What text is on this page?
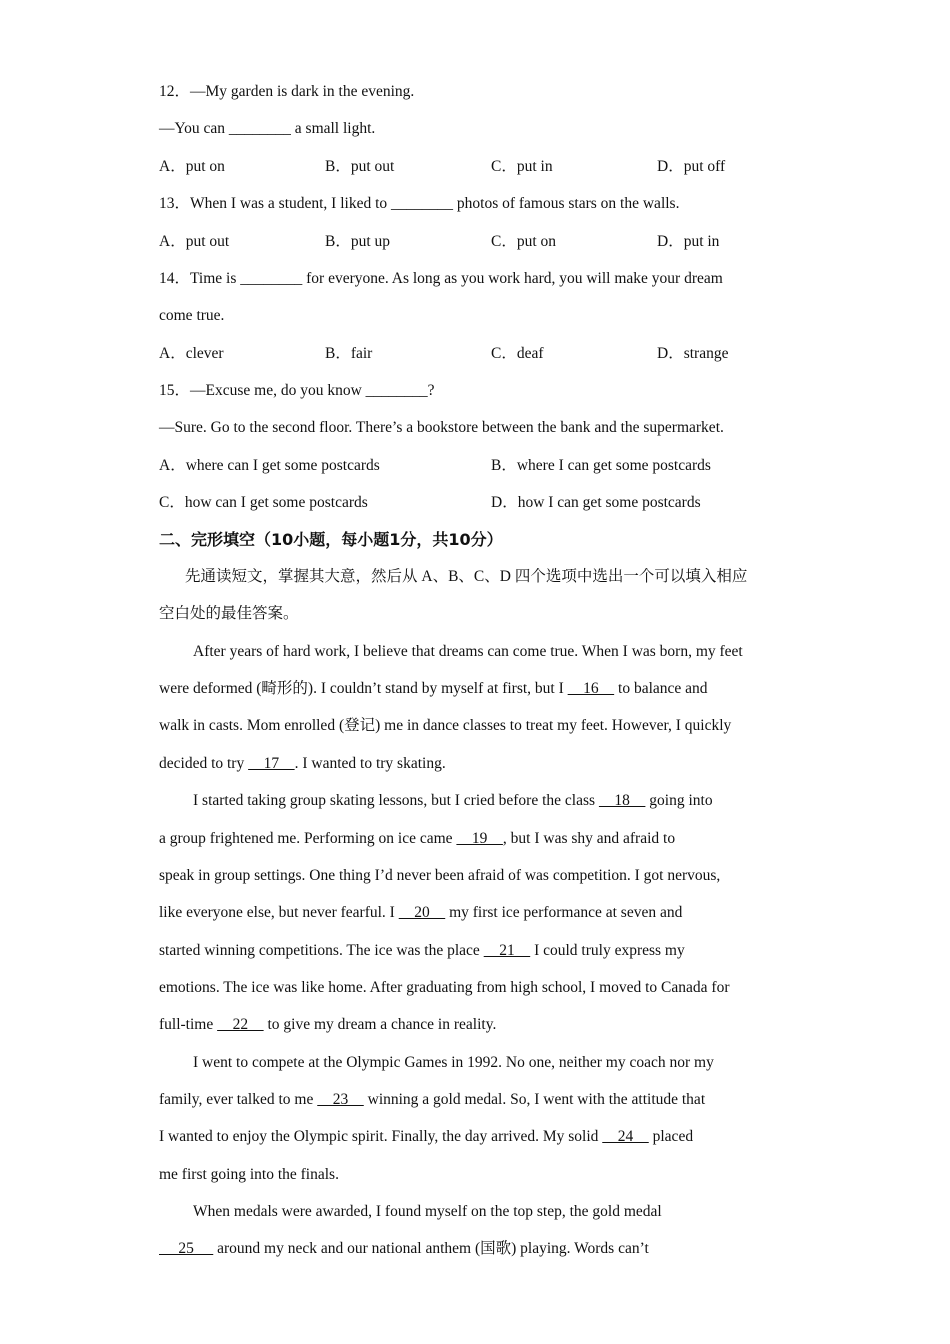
12．—My garden is dark in the evening.
—You can ________ a small light.
A．put on	B．put out	C．put in	D．put off
13．When I was a student, I liked to ________ photos of famous stars on the walls.
A．put out	B．put up	C．put on	D．put in
14．Time is ________ for everyone. As long as you work hard, you will make your dream
come true.
A．clever	B．fair	C．deaf	D．strange
15．—Excuse me, do you know ________?
—Sure. Go to the second floor. There’s a bookstore between the bank and the supermarket.
A．where can I get some postcards	B．where I can get some postcards
C．how can I get some postcards	D．how I can get some postcards
二、完形填空（10小题，每小题1分，共10分）
先通读短文，掌握其大意，然后从 A、B、C、D 四个选项中选出一个可以填入相应
空白处的最佳答案。
After years of hard work, I believe that dreams can come true. When I was born, my feet
were deformed (畸形的). I couldn’t stand by myself at first, but I     16     to balance and
walk in casts. Mom enrolled (登记) me in dance classes to treat my feet. However, I quickly
decided to try     17    . I wanted to try skating.
I started taking group skating lessons, but I cried before the class     18     going into
a group frightened me. Performing on ice came     19    , but I was shy and afraid to
speak in group settings. One thing I’d never been afraid of was competition. I got nervous,
like everyone else, but never fearful. I     20     my first ice performance at seven and
started winning competitions. The ice was the place     21     I could truly express my
emotions. The ice was like home. After graduating from high school, I moved to Canada for
full-time     22     to give my dream a chance in reality.
I went to compete at the Olympic Games in 1992. No one, neither my coach nor my
family, ever talked to me     23     winning a gold medal. So, I went with the attitude that
I wanted to enjoy the Olympic spirit. Finally, the day arrived. My solid     24     placed
me first going into the finals.
When medals were awarded, I found myself on the top step, the gold medal
25      around my neck and our national anthem (国歌) playing. Words can’t
